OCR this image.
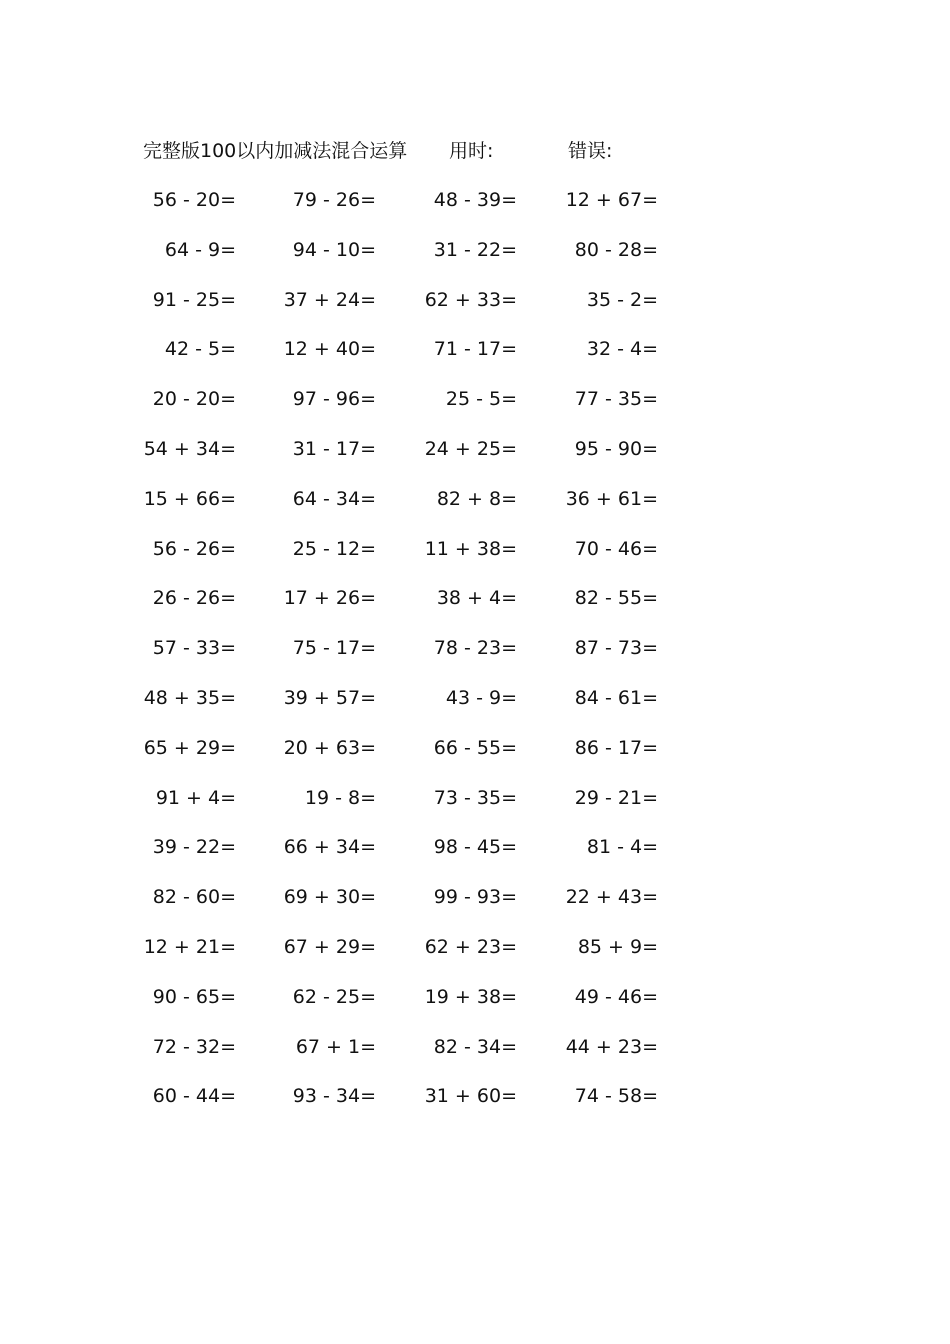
完整版100以内加减法混合运算 用时:	错误:
56 - 20=	79 - 26=	48 - 39=	12 + 67=
64 - 9=	94 - 10=	31 - 22=	80 - 28=
91 - 25=	37 + 24=	62 + 33=	35 - 2=
42 - 5=	12 + 40=	71 - 17=	32 - 4=
20 - 20=	97 - 96=	25 - 5=	77 - 35=
54 + 34=	31 - 17=	24 + 25=	95 - 90=
15 + 66=	64 - 34=	82 + 8=	36 + 61=
56 - 26=	25 - 12=	11 + 38=	70 - 46=
26 - 26=	17 + 26=	38 + 4=	82 - 55=
57 - 33=	75 - 17=	78 - 23=	87 - 73=
48 + 35=	39 + 57=	43 - 9=	84 - 61=
65 + 29=	20 + 63=	66 - 55=	86 - 17=
91 + 4=	19 - 8=	73 - 35=	29 - 21=
39 - 22=	66 + 34=	98 - 45=	81 - 4=
82 - 60=	69 + 30=	99 - 93=	22 + 43=
12 + 21=	67 + 29=	62 + 23=	85 + 9=
90 - 65=	62 - 25=	19 + 38=	49 - 46=
72 - 32=	67 + 1=	82 - 34=	44 + 23=
60 - 44=	93 - 34=	31 + 60=	74 - 58=
